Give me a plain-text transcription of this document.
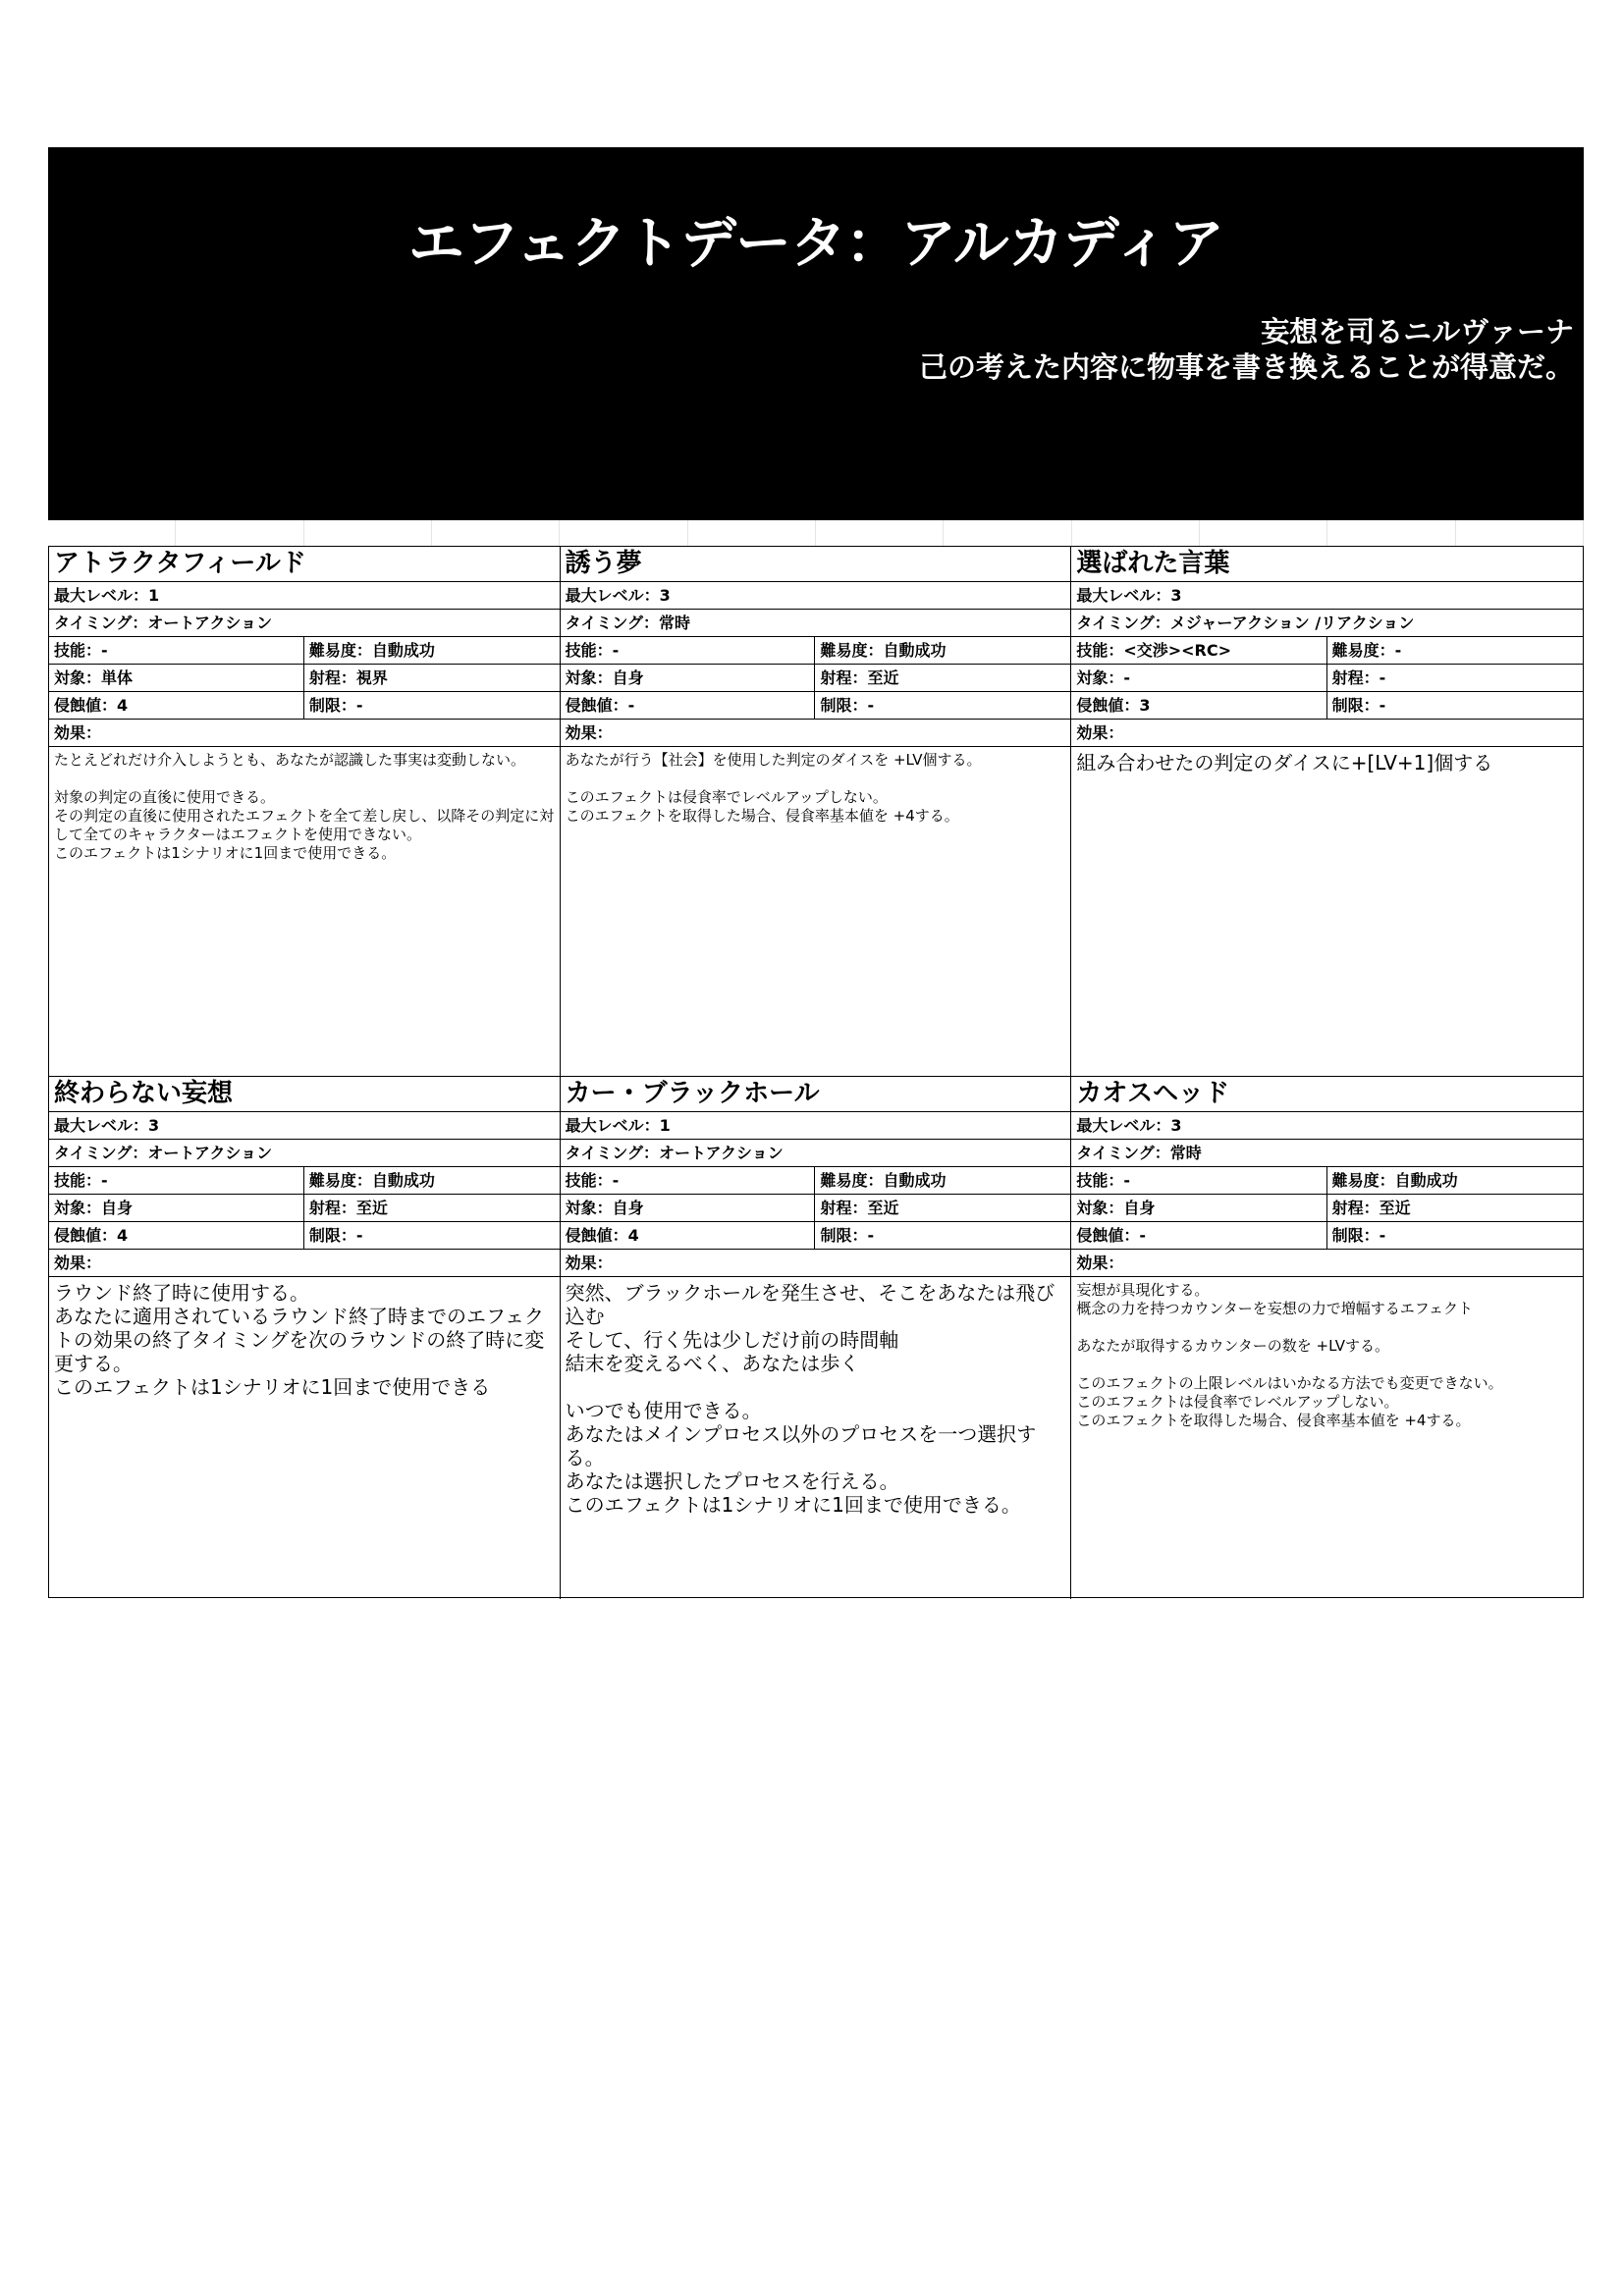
エフェクトデータ：アルカディア
妄想を司るニルヴァーナ
己の考えた内容に物事を書き換えることが得意だ。
アトラクタフィールド
最大レベル：1
タイミング：オートアクション
技能：-	難易度：自動成功
対象：単体	射程：視界
侵蝕値：4	制限：-
効果：
たとえどれだけ介入しようとも、あなたが認識した事実は変動しない。

対象の判定の直後に使用できる。
その判定の直後に使用されたエフェクトを全て差し戻し、以降その判定に対して全てのキャラクターはエフェクトを使用できない。
このエフェクトは1シナリオに1回まで使用できる。
誘う夢
最大レベル：3
タイミング：常時
技能：-	難易度：自動成功
対象：自身	射程：至近
侵蝕値：-	制限：-
効果：
あなたが行う【社会】を使用した判定のダイスを +LV個する。

このエフェクトは侵食率でレベルアップしない。
このエフェクトを取得した場合、侵食率基本値を +4する。
選ばれた言葉
最大レベル：3
タイミング：メジャーアクション /リアクション
技能：<交渉><RC>	難易度：-
対象：-	射程：-
侵蝕値：3	制限：-
効果：
組み合わせたの判定のダイスに+[LV+1]個する
終わらない妄想
最大レベル：3
タイミング：オートアクション
技能：-	難易度：自動成功
対象：自身	射程：至近
侵蝕値：4	制限：-
効果：
ラウンド終了時に使用する。
あなたに適用されているラウンド終了時までのエフェクトの効果の終了タイミングを次のラウンドの終了時に変更する。
このエフェクトは1シナリオに1回まで使用できる
カー・ブラックホール
最大レベル：1
タイミング：オートアクション
技能：-	難易度：自動成功
対象：自身	射程：至近
侵蝕値：4	制限：-
効果：
突然、ブラックホールを発生させ、そこをあなたは飛び込む
そして、行く先は少しだけ前の時間軸
結末を変えるべく、あなたは歩く

いつでも使用できる。
あなたはメインプロセス以外のプロセスを一つ選択する。
あなたは選択したプロセスを行える。
このエフェクトは1シナリオに1回まで使用できる。
カオスヘッド
最大レベル：3
タイミング：常時
技能：-	難易度：自動成功
対象：自身	射程：至近
侵蝕値：-	制限：-
効果：
妄想が具現化する。
概念の力を持つカウンターを妄想の力で増幅するエフェクト

あなたが取得するカウンターの数を +LVする。

このエフェクトの上限レベルはいかなる方法でも変更できない。
このエフェクトは侵食率でレベルアップしない。
このエフェクトを取得した場合、侵食率基本値を +4する。
